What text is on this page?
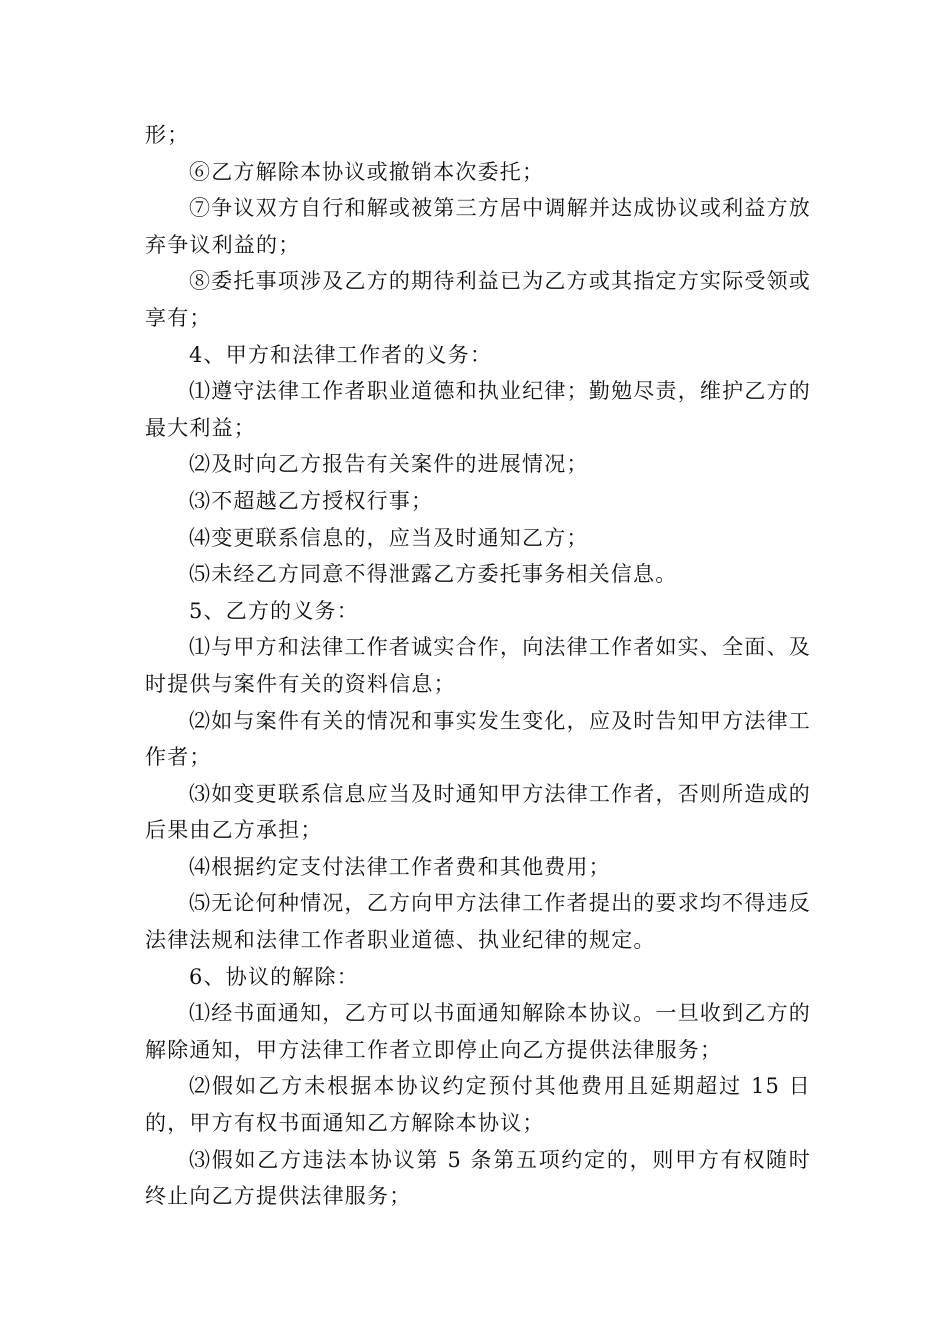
形；

⑥乙方解除本协议或撤销本次委托；

⑦争议双方自行和解或被第三方居中调解并达成协议或利益方放弃争议利益的；

⑧委托事项涉及乙方的期待利益已为乙方或其指定方实际受领或享有；

4、甲方和法律工作者的义务：

⑴遵守法律工作者职业道德和执业纪律；勤勉尽责，维护乙方的最大利益；

⑵及时向乙方报告有关案件的进展情况；

⑶不超越乙方授权行事；

⑷变更联系信息的，应当及时通知乙方；

⑸未经乙方同意不得泄露乙方委托事务相关信息。

5、乙方的义务：

⑴与甲方和法律工作者诚实合作，向法律工作者如实、全面、及时提供与案件有关的资料信息；

⑵如与案件有关的情况和事实发生变化，应及时告知甲方法律工作者；

⑶如变更联系信息应当及时通知甲方法律工作者，否则所造成的后果由乙方承担；

⑷根据约定支付法律工作者费和其他费用；

⑸无论何种情况，乙方向甲方法律工作者提出的要求均不得违反法律法规和法律工作者职业道德、执业纪律的规定。

6、协议的解除：

⑴经书面通知，乙方可以书面通知解除本协议。一旦收到乙方的解除通知，甲方法律工作者立即停止向乙方提供法律服务；

⑵假如乙方未根据本协议约定预付其他费用且延期超过 15 日的，甲方有权书面通知乙方解除本协议；

⑶假如乙方违法本协议第 5 条第五项约定的，则甲方有权随时终止向乙方提供法律服务；
